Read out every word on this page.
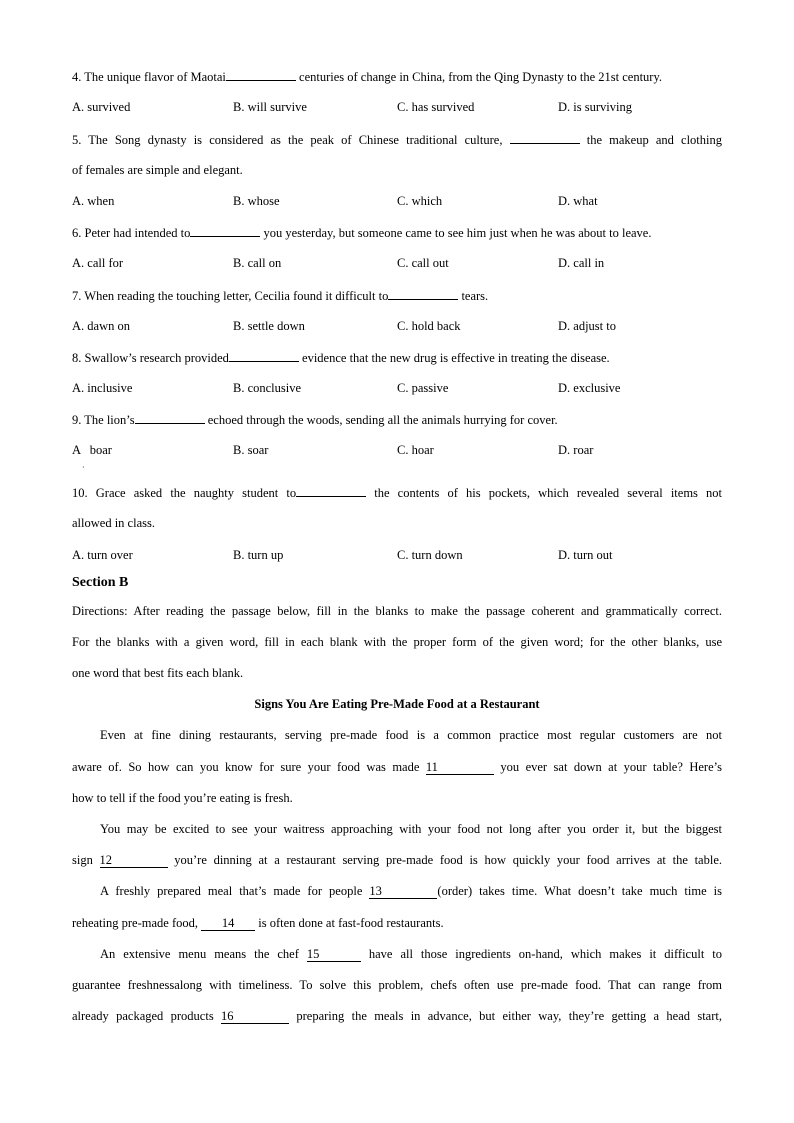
4. The unique flavor of Maotai	centuries of change in China, from the Qing Dynasty to the 21st century.
A. survived	B. will survive	C. has survived	D. is surviving
5. The Song dynasty is considered as the peak of Chinese traditional culture,	the makeup and clothing
of females are simple and elegant.
A. when	B. whose	C. which	D. what
6. Peter had intended to	you yesterday, but someone came to see him just when he was about to leave.
A. call for	B. call on	C. call out	D. call in
7. When reading the touching letter, Cecilia found it difficult to	tears.
A. dawn on	B. settle down	C. hold back	D. adjust to
8. Swallow’s research provided	evidence that the new drug is effective in treating the disease.
A. inclusive	B. conclusive	C. passive	D. exclusive
9. The lion’s	echoed through the woods, sending all the animals hurrying for cover.
A   boar	B. soar	C. hoar	D. roar
·
10. Grace asked the naughty student to	the contents of his pockets, which revealed several items not
allowed in class.
A. turn over	B. turn up	C. turn down	D. turn out
Section B
Directions: After reading the passage below, fill in the blanks to make the passage coherent and grammatically correct.
For the blanks with a given word, fill in each blank with the proper form of the given word; for the other blanks, use
one word that best fits each blank.
Signs You Are Eating Pre-Made Food at a Restaurant
Even at fine dining restaurants, serving pre-made food is a common practice most regular customers are not
aware of. So how can you know for sure your food was made 11	you ever sat down at your table? Here’s
how to tell if the food you’re eating is fresh.
You may be excited to see your waitress approaching with your food not long after you order it, but the biggest
sign 12	you’re dinning at a restaurant serving pre-made food is how quickly your food arrives at the table.
A freshly prepared meal that’s made for people 13	(order) takes time. What doesn’t take much time is
reheating pre-made food, 14 is often done at fast-food restaurants.
An extensive menu means the chef 15	have all those ingredients on-hand, which makes it difficult to
guarantee freshnessalong with timeliness. To solve this problem, chefs often use pre-made food. That can range from
already packaged products 16	preparing the meals in advance, but either way, they’re getting a head start,
